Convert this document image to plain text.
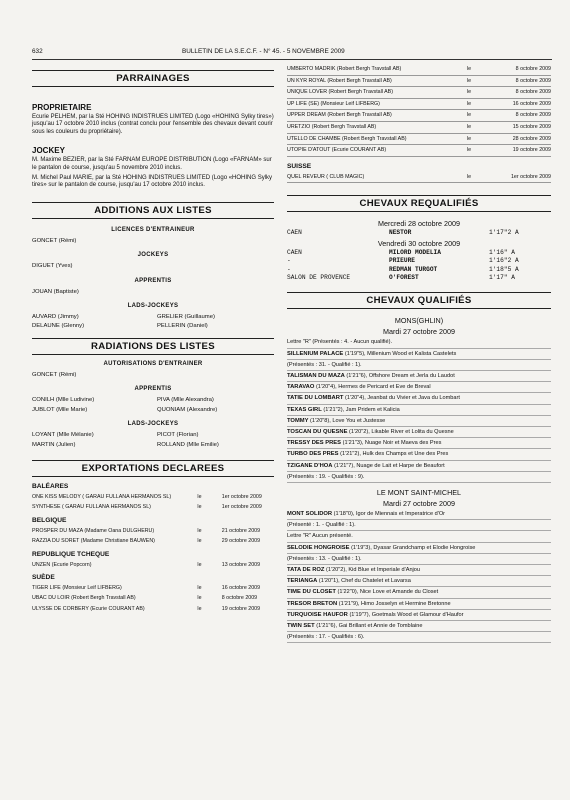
632	BULLETIN DE LA S.E.C.F. - N° 45. - 5 NOVEMBRE 2009
PARRAINAGES
PROPRIETAIRE
Ecurie PELHEM, par la Sté HOHING INDISTRUES LIMITED (Logo «HOHING Sylky tires») jusqu'au 17 octobre 2010 inclus (contrat conclu pour l'ensemble des chevaux devant courir sous les couleurs du propriétaire).
JOCKEY
M. Maxime BEZIER, par la Sté FARNAM EUROPE DISTRIBUTION (Logo «FARNAM» sur le pantalon de course, jusqu'au 5 novembre 2010 inclus.
M. Michel Paul MARIE, par la Sté HOHING INDISTRUES LIMITED (Logo «HOHING Sylky tires» sur le pantalon de course, jusqu'au 17 octobre 2010 inclus.
ADDITIONS AUX LISTES
LICENCES D'ENTRAINEUR
GONCET (Rémi)
JOCKEYS
DIGUET (Yves)
APPRENTIS
JOUAN (Baptiste)
LADS-JOCKEYS
AUVARD (Jimmy)	GRELIER (Guillaume)
DELAUNE (Glenny)	PELLERIN (Daniel)
RADIATIONS DES LISTES
AUTORISATIONS D'ENTRAINER
GONCET (Rémi)
APPRENTIS
CONILH (Mlle Ludivine)	PIVA (Mlle Alexandra)
JUBLOT (Mlle Marie)	QUONIAM (Alexandre)
LADS-JOCKEYS
LOYANT (Mlle Mélanie)	PICOT (Florian)
MARTIN (Julien)	ROLLAND (Mlle Emilie)
EXPORTATIONS DECLAREES
BALÉARES
ONE KISS MELODY ( GARAU FULLANA HERMANOS SL)	le	1er octobre 2009
SYNTHESE ( GARAU FULLANA HERMANOS SL)	le	1er octobre 2009
BELGIQUE
PROSPER DU MAZA (Madame Oana DULGHERU)	le	21 octobre 2009
RAZZIA DU SORET (Madame Christiane BAUWEN)	le	29 octobre 2009
REPUBLIQUE TCHEQUE
UNZEN (Ecurie Popcorn)	le	13 octobre 2009
SUÈDE
TIGER LIFE (Monsieur Leif LIFBERG)	le	16 octobre 2009
UBAC DU LOIR (Robert Bergh Travstall AB)	le	8 octobre 2009
ULYSSE DE CORBERY (Ecurie COURANT AB)	le	19 octobre 2009
UMBERTO MADRIK (Robert Bergh Travstall AB)	le	8 octobre 2009
UN KYR ROYAL (Robert Bergh Travstall AB)	le	8 octobre 2009
UNIQUE LOVER (Robert Bergh Travstall AB)	le	8 octobre 2009
UP LIFE (SE) (Monsieur Leif LIFBERG)	le	16 octobre 2009
UPPER DREAM (Robert Bergh Travstall AB)	le	8 octobre 2009
URETZIO (Robert Bergh Travstall AB)	le	15 octobre 2009
UTELLO DE CHAMBE (Robert Bergh Travstall AB)	le	28 octobre 2009
UTOPIE D'ATOUT (Ecurie COURANT AB)	le	19 octobre 2009
SUISSE
QUEL REVEUR ( CLUB MAGIC)	le	1er octobre 2009
CHEVAUX REQUALIFIÉS
Mercredi 28 octobre 2009
CAEN	NESTOR	1'17"2 A
Vendredi 30 octobre 2009
CAEN	MILORD MODELIA	1'16" A
-	PRIEURE	1'16"2 A
-	REDMAN TURGOT	1'18"5 A
SALON DE PROVENCE	O'FOREST	1'17" A
CHEVAUX QUALIFIÉS
MONS(GHLIN)
Mardi 27 octobre 2009
Lettre "R" (Présentés : 4. - Aucun qualifié).
SILLENIUM PALACE (1'19"5), Millenium Wood et Kalista Castelets
(Présentés : 31. - Qualifié : 1).
TALISMAN DU MAZA (1'21"6), Offshore Dream et Jerla du Laudot
TARAVAO (1'20"4), Hermes de Pericard et Eve de Breval
TATIE DU LOMBART (1'20"4), Jeanbat du Vivier et Java du Lombart
TEXAS GIRL (1'21"2), Jam Pridem et Kalicia
TOMMY (1'20"8), Love You et Justesse
TOSCAN DU QUESNE (1'20"2), Likable River et Lolita du Quesne
TRESSY DES PRES (1'21"3), Nuage Noir et Maeva des Pres
TURBO DES PRES (1'21"2), Hulk des Champs et Une des Pres
TZIGANE D'HOA (1'21"7), Nuage de Lait et Harpe de Beaufort
(Présentés : 19. - Qualifiés : 9).
LE MONT SAINT-MICHEL
Mardi 27 octobre 2009
MONT SOLIDOR (1'18"0), Igor de Miennais et Imperatrice d'Or
(Présenté : 1. - Qualifié : 1).
Lettre "R" Aucun présenté.
SELODIE HONGROISE (1'19"3), Dyasar Grandchamp et Elodie Hongroise
(Présentés : 13. - Qualifié : 1).
TATA DE ROZ (1'20"2), Kid Blue et Imperiale d'Anjou
TERIANGA (1'20"1), Chef du Chatelet et Lavarsa
TIME DU CLOSET (1'22"0), Nice Love et Amande du Closet
TRESOR BRETON (1'21"9), Himo Josselyn et Hermine Bretonne
TURQUOISE HAUFOR (1'19"7), Goetmals Wood et Glamour d'Haufor
TWIN SET (1'21"6), Gai Brillant et Annie de Tomblaine
(Présentés : 17. - Qualifiés : 6).
